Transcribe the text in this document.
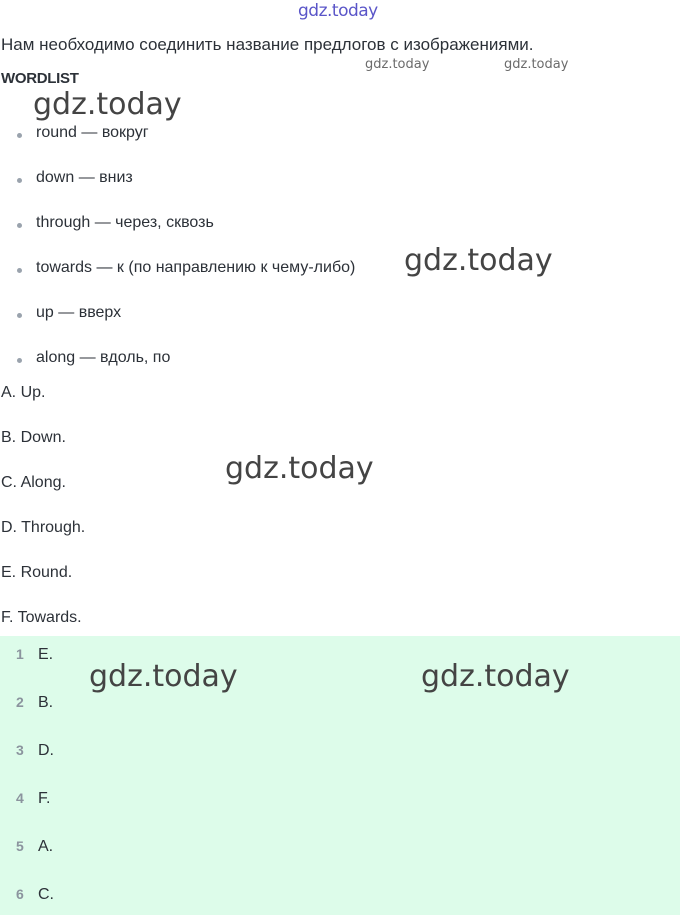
gdz.today
Нам необходимо соединить название предлогов с изображениями.
gdz.today	gdz.today
WORDLIST
gdz.today
round — вокруг
down — вниз
through — через, сквозь
towards — к (по направлению к чему-либо)
up — вверх
along — вдоль, по
gdz.today
A. Up.
B. Down.
C. Along.
D. Through.
E. Round.
F. Towards.
gdz.today
1 E.
2 B.
3 D.
4 F.
5 A.
6 C.
gdz.today	gdz.today
